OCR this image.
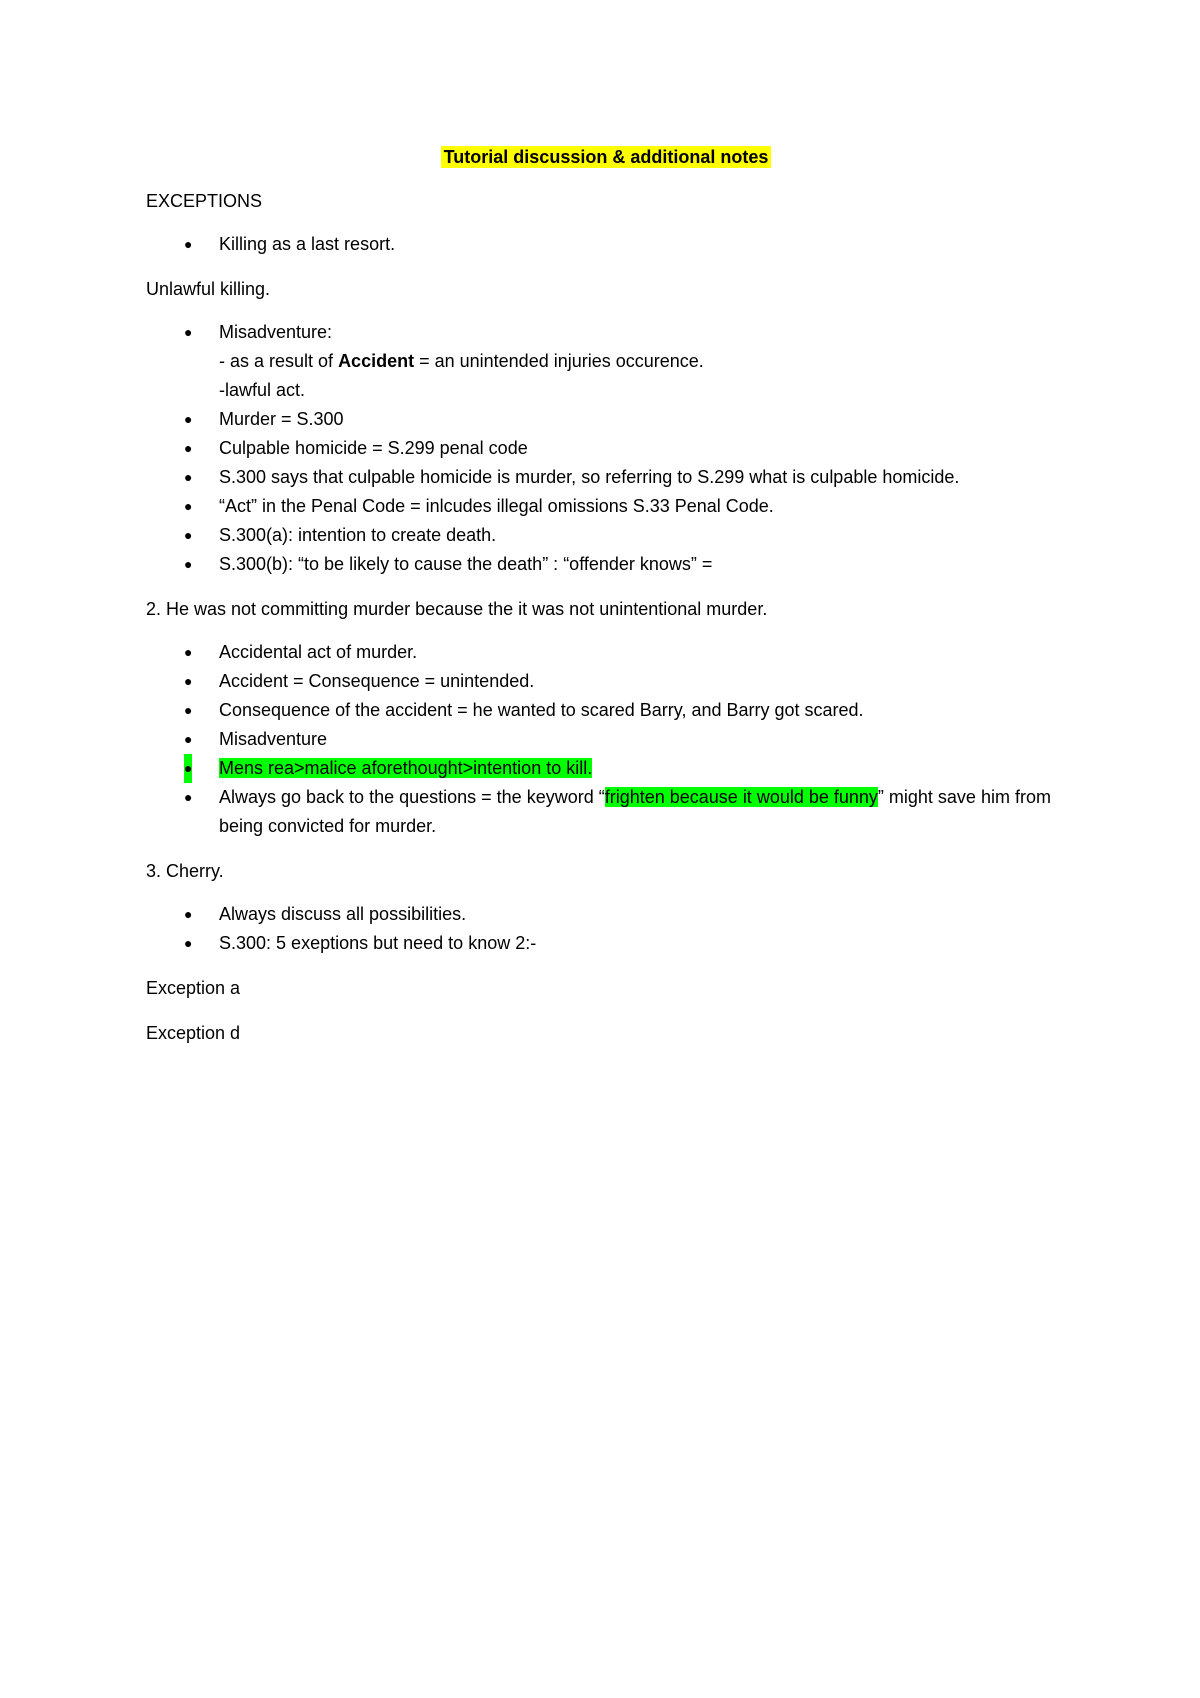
Tutorial discussion & additional notes

EXCEPTIONS

● Killing as a last resort.

Unlawful killing.

● Misadventure:
- as a result of Accident = an unintended injuries occurence.
-lawful act.
● Murder = S.300
● Culpable homicide = S.299 penal code
● S.300 says that culpable homicide is murder, so referring to S.299 what is culpable homicide.
● “Act” in the Penal Code = inlcudes illegal omissions S.33 Penal Code.
● S.300(a): intention to create death.
● S.300(b): “to be likely to cause the death” : “offender knows” =

2. He was not committing murder because the it was not unintentional murder.

● Accidental act of murder.
● Accident = Consequence = unintended.
● Consequence of the accident = he wanted to scared Barry, and Barry got scared.
● Misadventure
● Mens rea>malice aforethought>intention to kill.
● Always go back to the questions = the keyword “frighten because it would be funny” might save him from being convicted for murder.

3. Cherry.

● Always discuss all possibilities.
● S.300: 5 exeptions but need to know 2:-

Exception a

Exception d
